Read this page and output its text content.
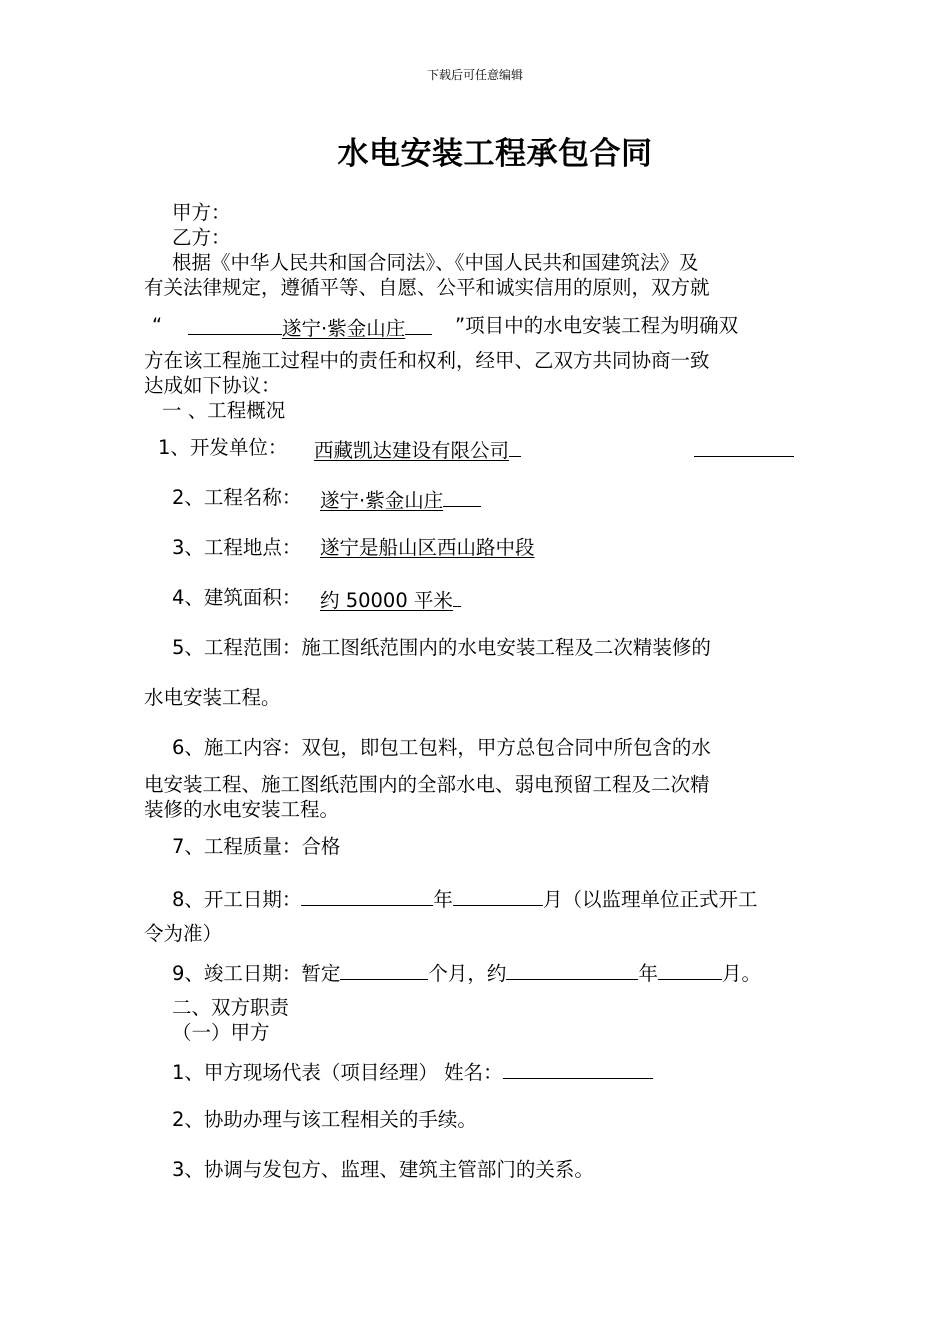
下载后可任意编辑
水电安装工程承包合同
甲方：
乙方：
根据《中华人民共和国合同法》、《中国人民共和国建筑法》及
有关法律规定，遵循平等、自愿、公平和诚实信用的原则，双方就
“	遂宁·紫金山庄	”项目中的水电安装工程为明确双
方在该工程施工过程中的责任和权利，经甲、乙双方共同协商一致
达成如下协议：
一 、工程概况
1、开发单位： 西藏凯达建设有限公司
2、工程名称： 遂宁·紫金山庄
3、工程地点： 遂宁是船山区西山路中段
4、建筑面积： 约 50000 平米
5、工程范围：施工图纸范围内的水电安装工程及二次精装修的
水电安装工程。
6、施工内容：双包，即包工包料，甲方总包合同中所包含的水
电安装工程、施工图纸范围内的全部水电、弱电预留工程及二次精
装修的水电安装工程。
7、工程质量：合格
8、开工日期：	年	月（以监理单位正式开工
令为准）
9、竣工日期：暂定	个月，约	年	月。
二、双方职责
（一）甲方
1、甲方现场代表（项目经理） 姓名：
2、协助办理与该工程相关的手续。
3、协调与发包方、监理、建筑主管部门的关系。
